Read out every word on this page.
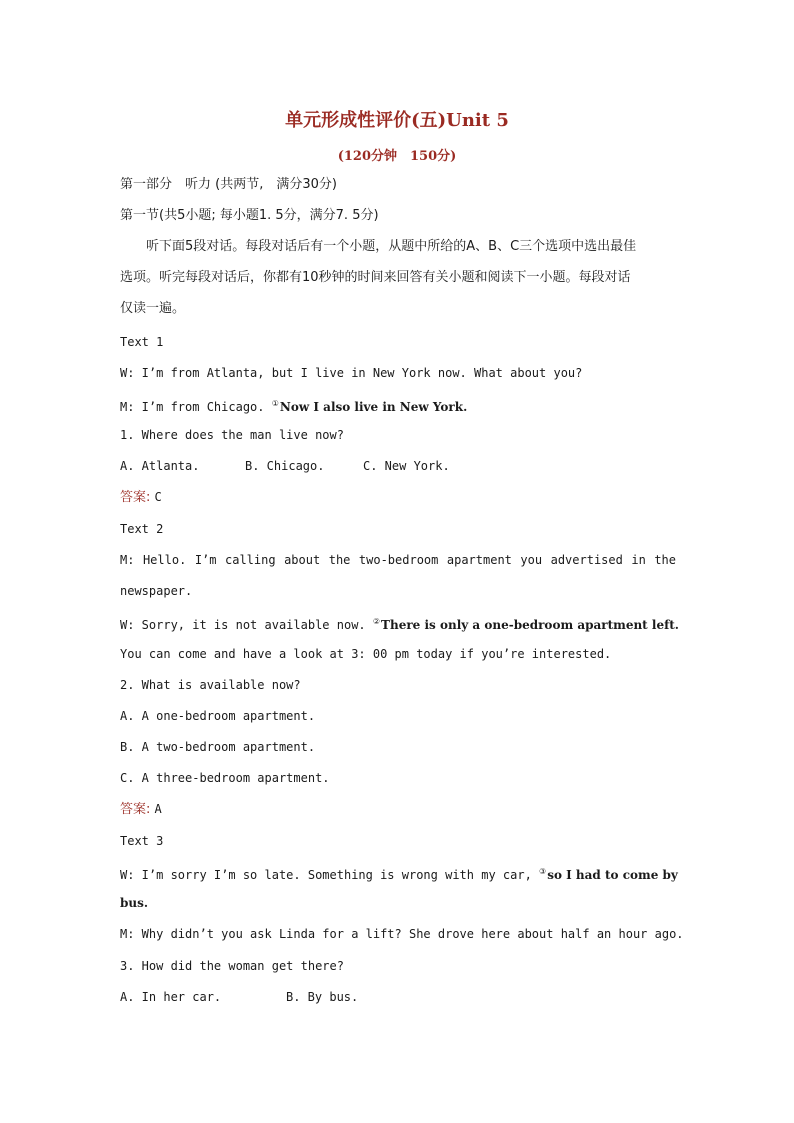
单元形成性评价(五)Unit 5
(120分钟　150分)
第一部分　听力 (共两节,　满分30分)
第一节(共5小题; 每小题1. 5分，满分7. 5分)
听下面5段对话。每段对话后有一个小题，从题中所给的A、B、C三个选项中选出最佳
选项。听完每段对话后，你都有10秒钟的时间来回答有关小题和阅读下一小题。每段对话
仅读一遍。
Text 1
W: I’m from Atlanta, but I live in New York now. What about you?
M: I’m from Chicago. ①Now I also live in New York.
1. Where does the man live now?
A. Atlanta.	B. Chicago.	C. New York.
答案: C
Text 2
M: Hello. I’m calling about the two-bedroom apartment you advertised in the
newspaper.
W: Sorry, it is not available now. ②There is only a one-bedroom apartment left.
You can come and have a look at 3: 00 pm today if you’re interested.
2. What is available now?
A. A one-bedroom apartment.
B. A two-bedroom apartment.
C. A three-bedroom apartment.
答案: A
Text 3
W: I’m sorry I’m so late. Something is wrong with my car, ③so I had to come by
bus.
M: Why didn’t you ask Linda for a lift? She drove here about half an hour ago.
3. How did the woman get there?
A. In her car.	B. By bus.
